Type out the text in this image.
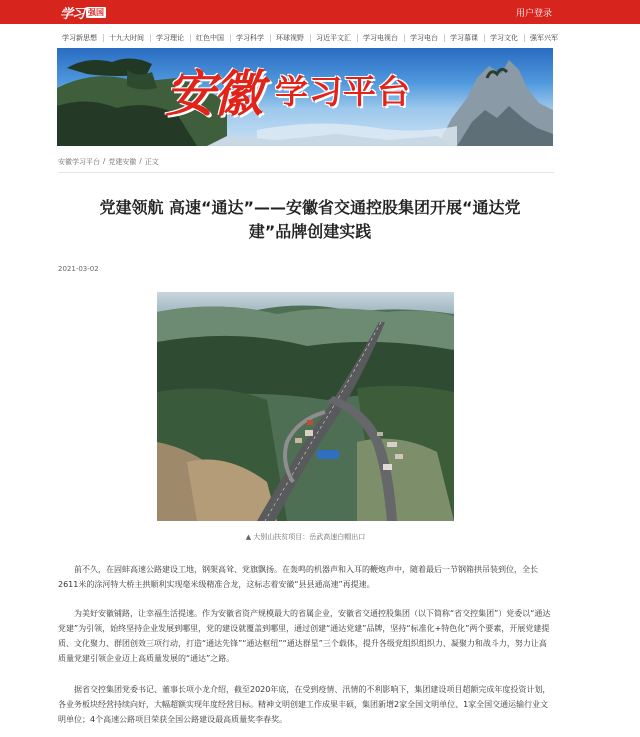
学习 强国	用户登录
学习新思想	十九大时间	学习理论	红色中国	学习科学	环球视野	习近平文汇	学习电视台	学习电台	学习慕课	学习文化	强军兴军
安徽 学习平台
安徽学习平台 / 党建安徽 / 正文
党建领航 高速“通达”——安徽省交通控股集团开展“通达党建”品牌创建实践
2021-03-02
▲ 大别山扶贫项目：岳武高速白帽出口

前不久，在固蚌高速公路建设工地，钢架高耸、党旗飘扬。在轰鸣的机器声和入耳的鞭炮声中，随着最后一节钢箱拱吊装到位，全长2611米的涂河特大桥主拱顺利实现毫米级精准合龙，这标志着安徽“县县通高速”再提速。

为美好安徽铺路，让幸福生活提速。作为安徽省资产规模最大的省属企业，安徽省交通控股集团（以下简称“省交控集团”）党委以“通达党建”为引领，始终坚持企业发展到哪里，党的建设就覆盖到哪里，通过创建“通达党建”品牌，坚持“标准化+特色化”两个要素，开展党建提质、文化聚力、群团创效三项行动，打造“通达先锋”“通达枢纽”“通达群星”三个载体，提升各级党组织组织力、凝聚力和战斗力，努力让高质量党建引领企业迈上高质量发展的“通达”之路。

据省交控集团党委书记、董事长项小龙介绍，截至2020年底，在受到疫情、汛情的不利影响下，集团建设项目超额完成年度投资计划，各业务板块经营持续向好，大幅超额实现年度经营目标。精神文明创建工作成果丰硕，集团新增2家全国文明单位、1家全国交通运输行业文明单位；4个高速公路项目荣获全国公路建设最高质量奖李春奖。
